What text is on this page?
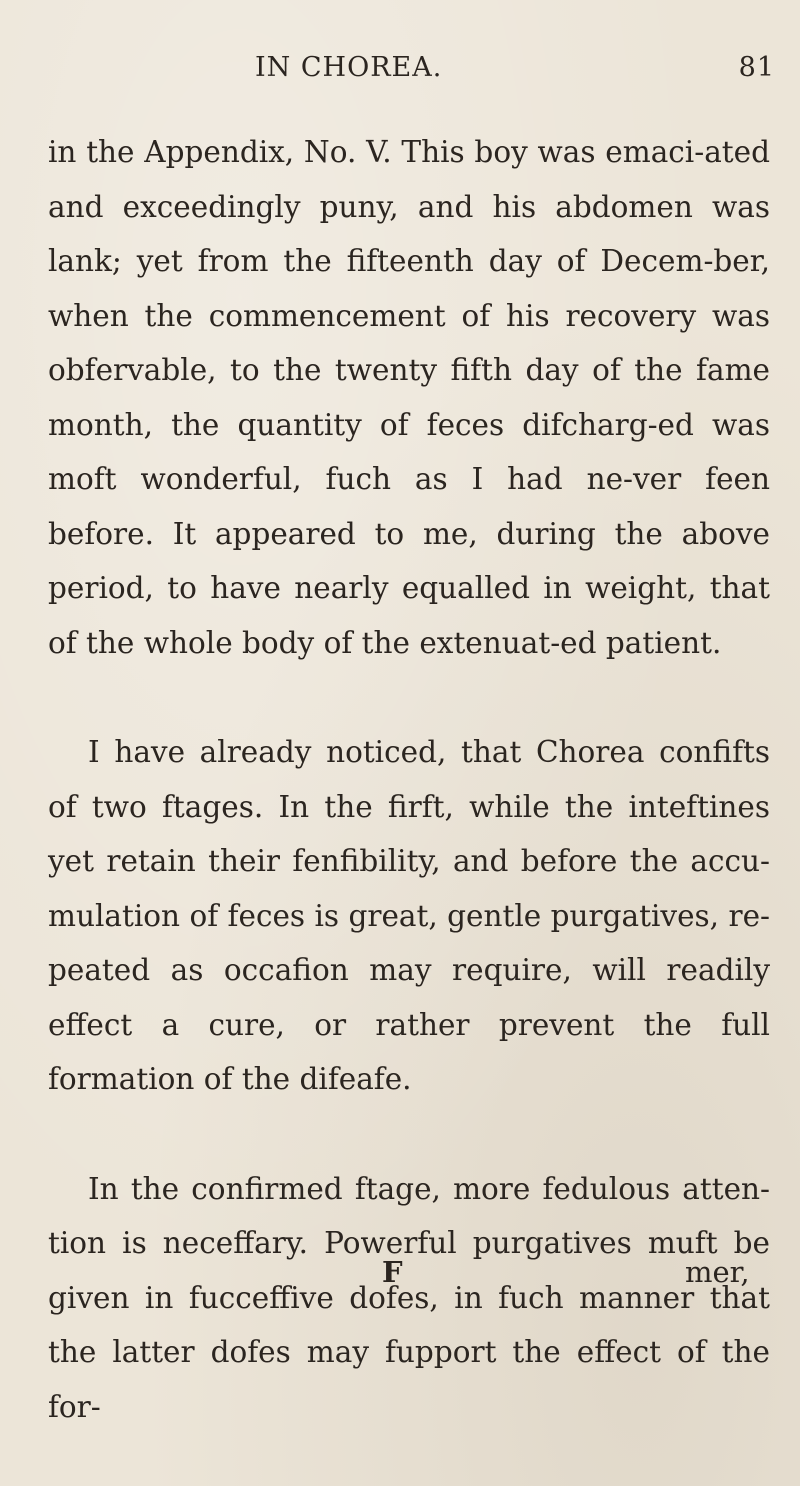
IN CHOREA.	81

in the Appendix, No. V. This boy was emaci-ated and exceedingly puny, and his abdomen was lank; yet from the fifteenth day of Decem-ber, when the commencement of his recovery was obfervable, to the twenty fifth day of the fame month, the quantity of feces difcharg-ed was moft wonderful, fuch as I had ne-ver feen before. It appeared to me, during the above period, to have nearly equalled in weight, that of the whole body of the extenuat-ed patient.

I have already noticed, that Chorea confifts of two ftages. In the firft, while the inteftines yet retain their fenfibility, and before the accu-mulation of feces is great, gentle purgatives, re-peated as occafion may require, will readily effect a cure, or rather prevent the full formation of the difeafe.

In the confirmed ftage, more fedulous atten-tion is neceffary. Powerful purgatives muft be given in fucceffive dofes, in fuch manner that the latter dofes may fupport the effect of the for-

F	mer,
